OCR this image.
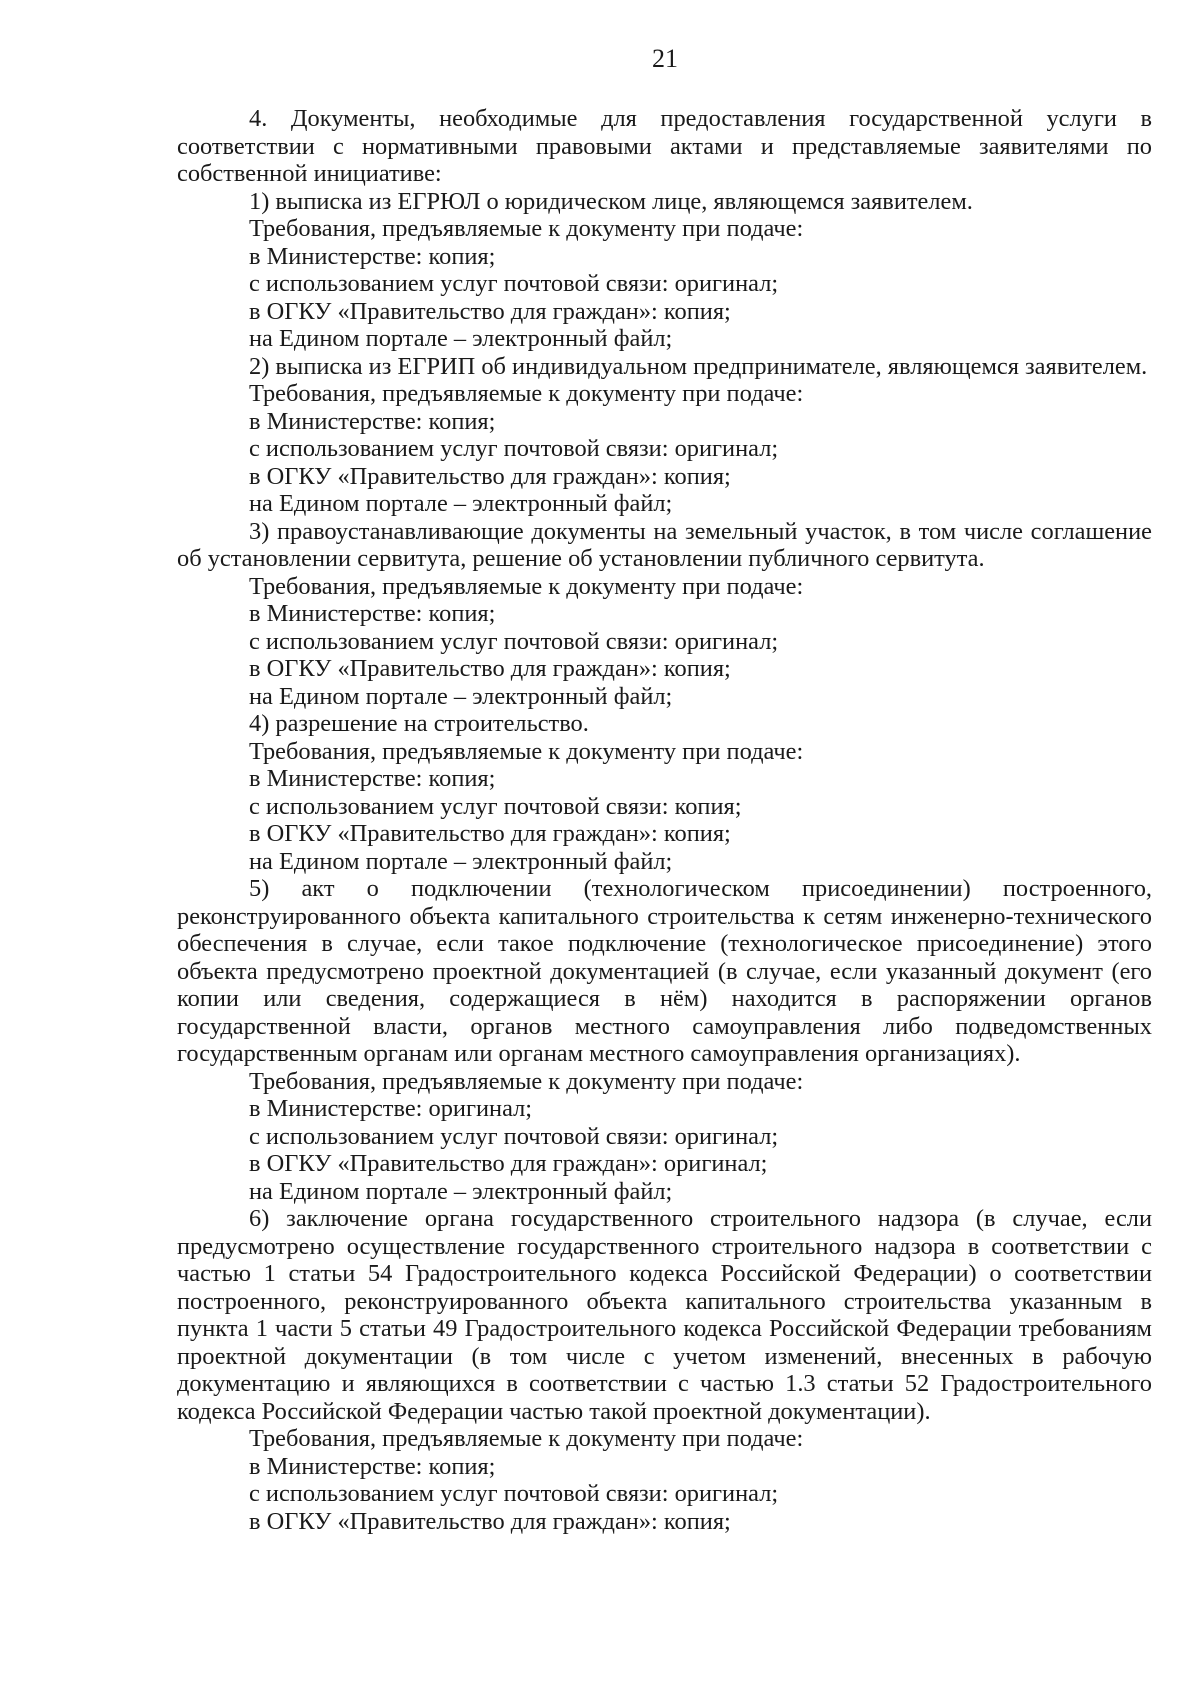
21

4. Документы, необходимые для предоставления государственной услуги в соответствии с нормативными правовыми актами и представляемые заявителями по собственной инициативе:

1) выписка из ЕГРЮЛ о юридическом лице, являющемся заявителем.

Требования, предъявляемые к документу при подаче:

в Министерстве: копия;

с использованием услуг почтовой связи: оригинал;

в ОГКУ «Правительство для граждан»: копия;

на Едином портале – электронный файл;

2) выписка из ЕГРИП об индивидуальном предпринимателе, являющемся заявителем.

Требования, предъявляемые к документу при подаче:

в Министерстве: копия;

с использованием услуг почтовой связи: оригинал;

в ОГКУ «Правительство для граждан»: копия;

на Едином портале – электронный файл;

3) правоустанавливающие документы на земельный участок, в том числе соглашение об установлении сервитута, решение об установлении публичного сервитута.

Требования, предъявляемые к документу при подаче:

в Министерстве: копия;

с использованием услуг почтовой связи: оригинал;

в ОГКУ «Правительство для граждан»: копия;

на Едином портале – электронный файл;

4) разрешение на строительство.

Требования, предъявляемые к документу при подаче:

в Министерстве: копия;

с использованием услуг почтовой связи: копия;

в ОГКУ «Правительство для граждан»: копия;

на Едином портале – электронный файл;

5) акт о подключении (технологическом присоединении) построенного, реконструированного объекта капитального строительства к сетям инженерно-технического обеспечения в случае, если такое подключение (технологическое присоединение) этого объекта предусмотрено проектной документацией (в случае, если указанный документ (его копии или сведения, содержащиеся в нём) находится в распоряжении органов государственной власти, органов местного самоуправления либо подведомственных государственным органам или органам местного самоуправления организациях).

Требования, предъявляемые к документу при подаче:

в Министерстве: оригинал;

с использованием услуг почтовой связи: оригинал;

в ОГКУ «Правительство для граждан»: оригинал;

на Едином портале – электронный файл;

6) заключение органа государственного строительного надзора (в случае, если предусмотрено осуществление государственного строительного надзора в соответствии с частью 1 статьи 54 Градостроительного кодекса Российской Федерации) о соответствии построенного, реконструированного объекта капитального строительства указанным в пункта 1 части 5 статьи 49 Градостроительного кодекса Российской Федерации требованиям проектной документации (в том числе с учетом изменений, внесенных в рабочую документацию и являющихся в соответствии с частью 1.3 статьи 52 Градостроительного кодекса Российской Федерации частью такой проектной документации).

Требования, предъявляемые к документу при подаче:

в Министерстве: копия;

с использованием услуг почтовой связи: оригинал;

в ОГКУ «Правительство для граждан»: копия;
